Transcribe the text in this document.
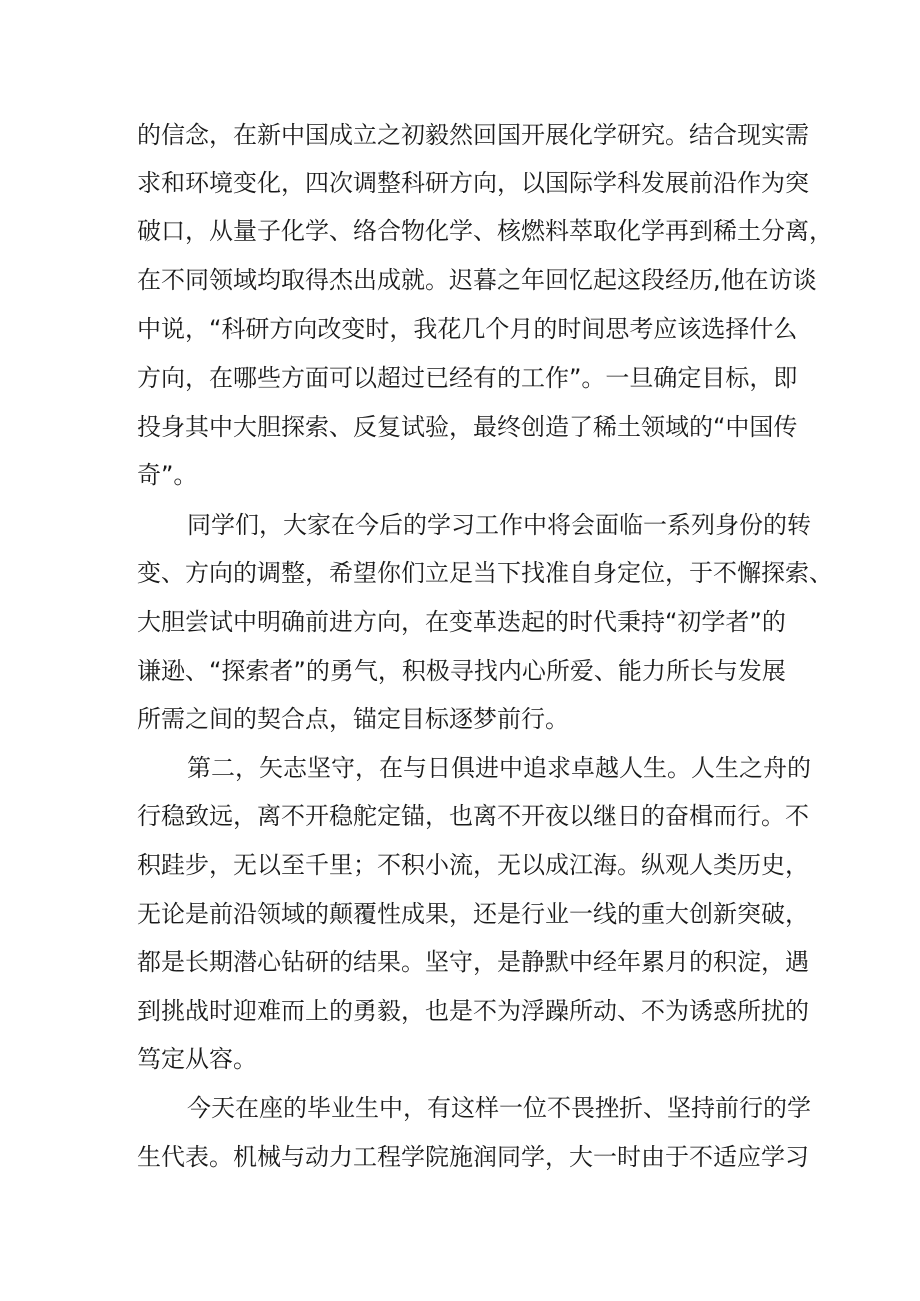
的信念，在新中国成立之初毅然回国开展化学研究。结合现实需
求和环境变化，四次调整科研方向，以国际学科发展前沿作为突
破口，从量子化学、络合物化学、核燃料萃取化学再到稀土分离，
在不同领域均取得杰出成就。迟暮之年回忆起这段经历,他在访谈
中说，“科研方向改变时，我花几个月的时间思考应该选择什么
方向，在哪些方面可以超过已经有的工作”。一旦确定目标，即
投身其中大胆探索、反复试验，最终创造了稀土领域的“中国传
奇”。
同学们，大家在今后的学习工作中将会面临一系列身份的转
变、方向的调整，希望你们立足当下找准自身定位，于不懈探索、
大胆尝试中明确前进方向，在变革迭起的时代秉持“初学者”的
谦逊、“探索者”的勇气，积极寻找内心所爱、能力所长与发展
所需之间的契合点，锚定目标逐梦前行。
第二，矢志坚守，在与日俱进中追求卓越人生。人生之舟的
行稳致远，离不开稳舵定锚，也离不开夜以继日的奋楫而行。不
积跬步，无以至千里；不积小流，无以成江海。纵观人类历史，
无论是前沿领域的颠覆性成果，还是行业一线的重大创新突破，
都是长期潜心钻研的结果。坚守，是静默中经年累月的积淀，遇
到挑战时迎难而上的勇毅，也是不为浮躁所动、不为诱惑所扰的
笃定从容。
今天在座的毕业生中，有这样一位不畏挫折、坚持前行的学
生代表。机械与动力工程学院施润同学，大一时由于不适应学习
